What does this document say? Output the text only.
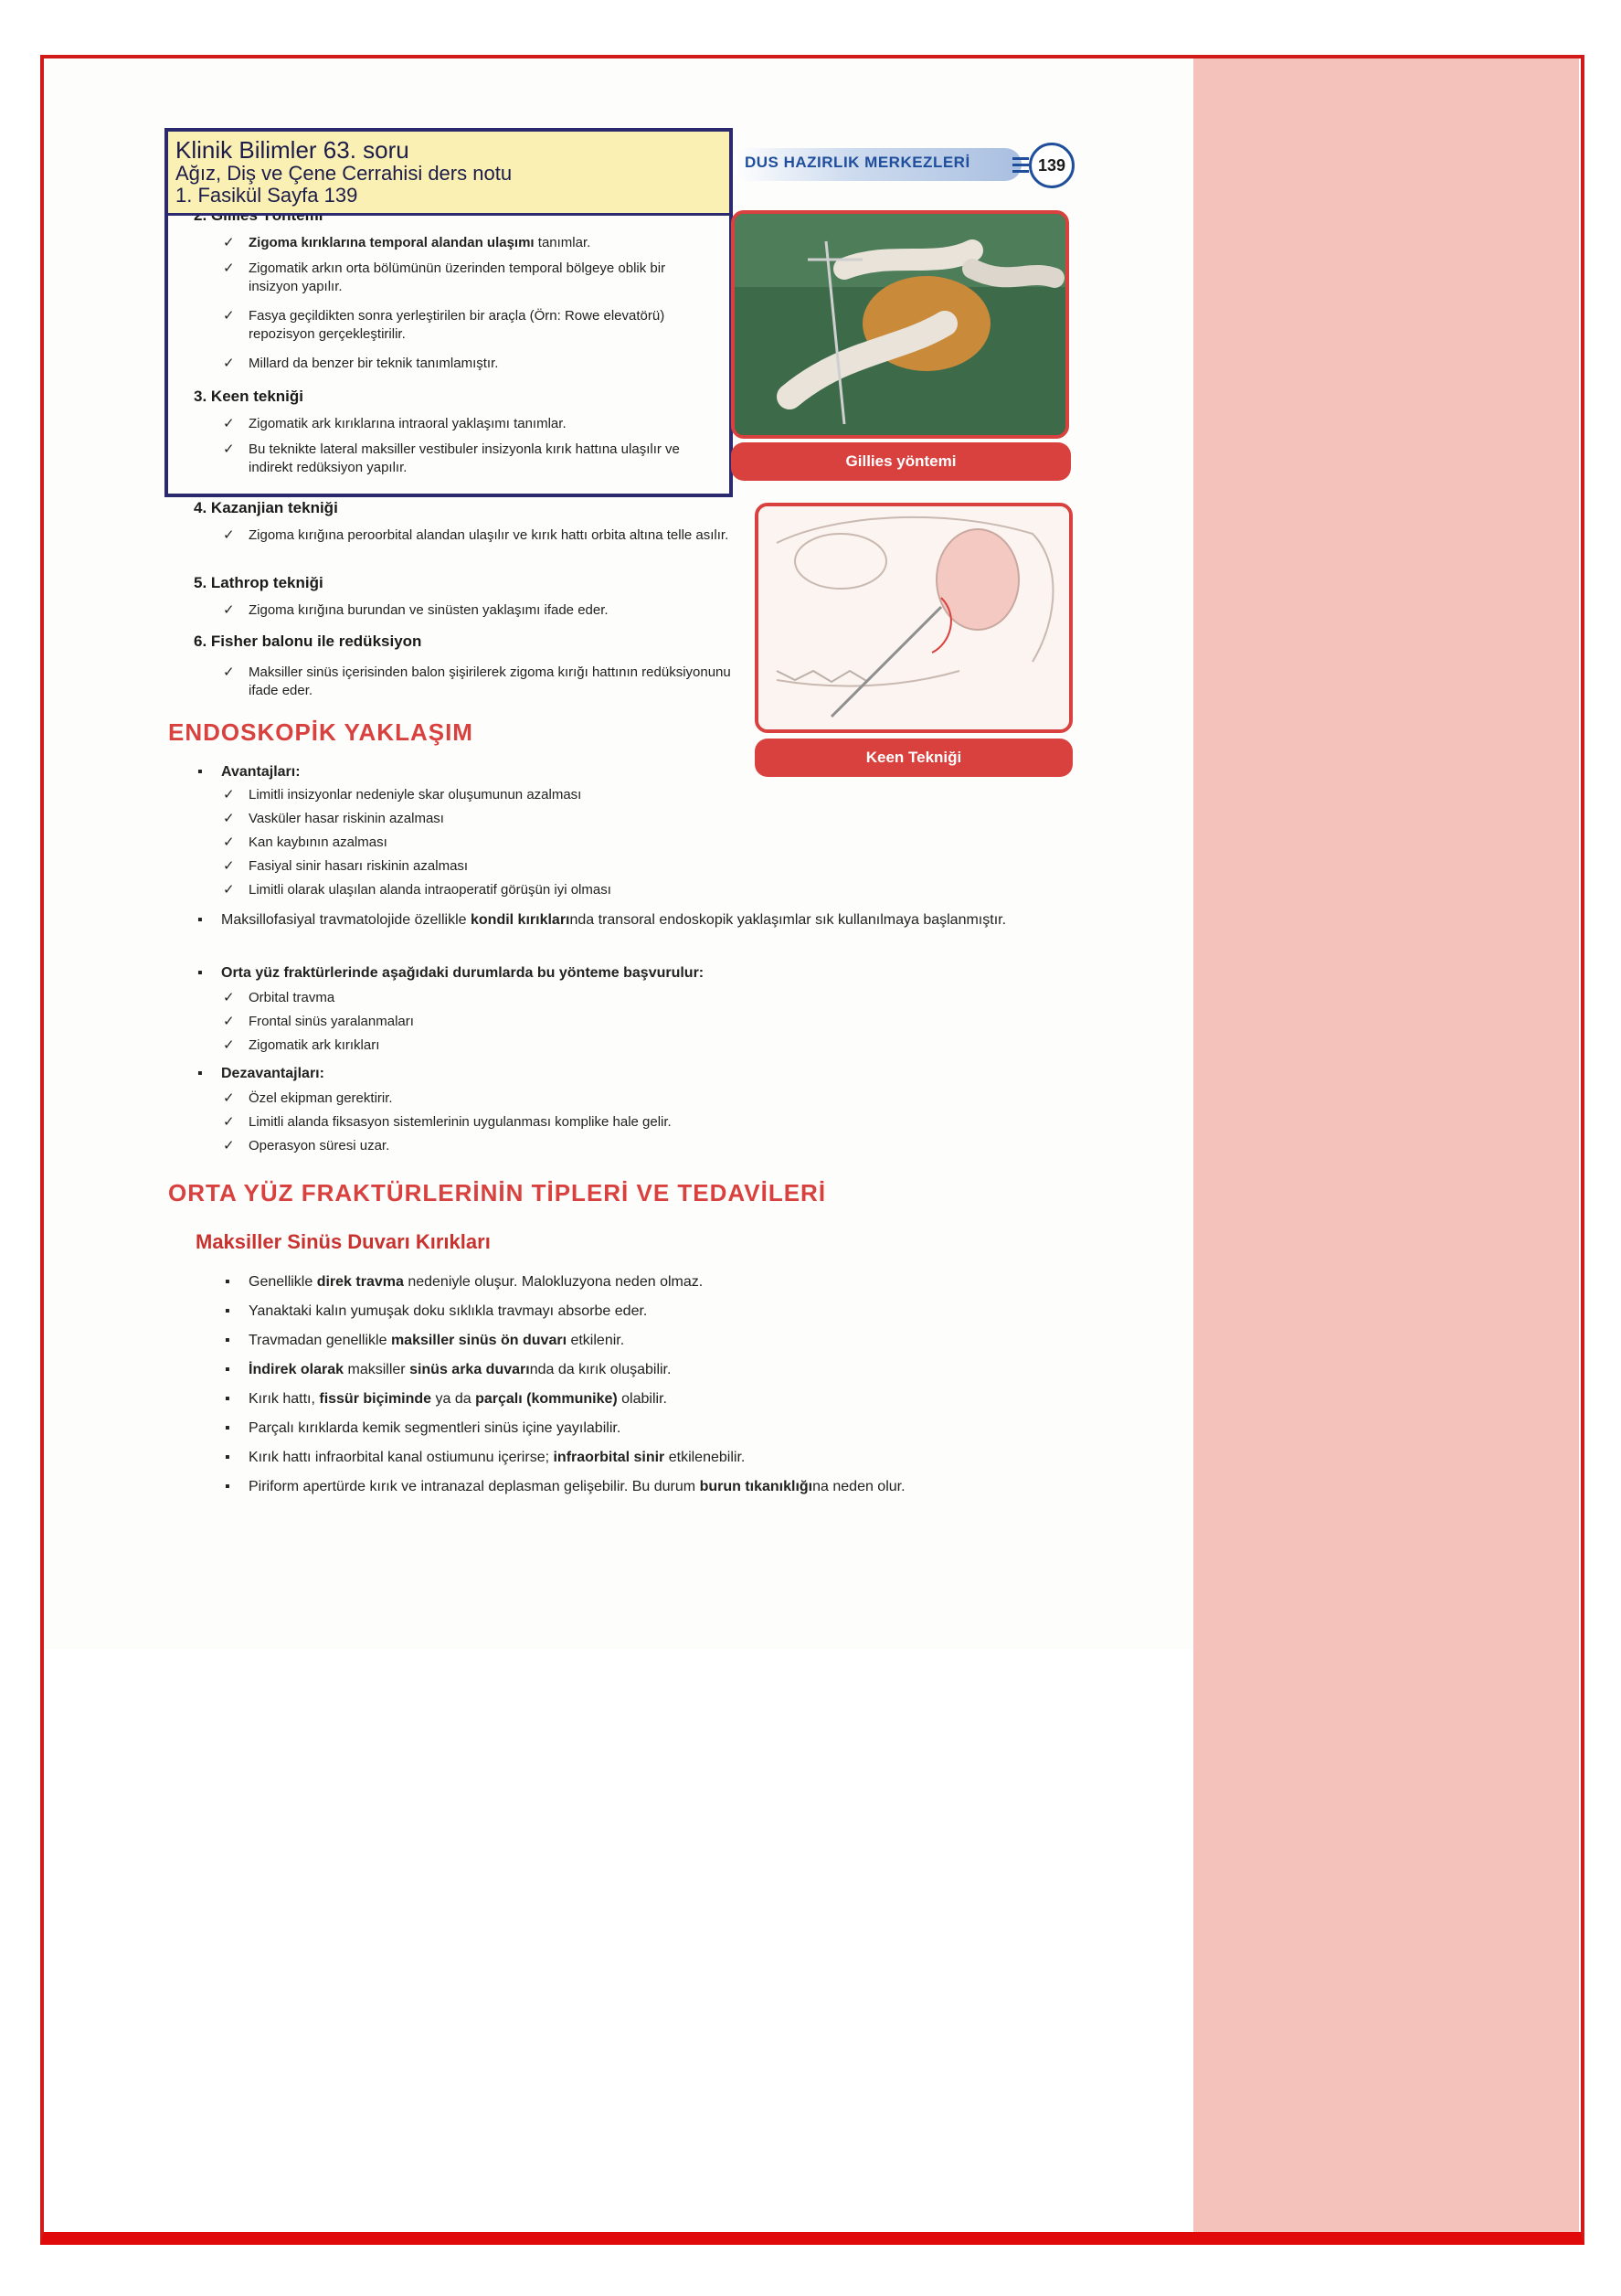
DUS HAZIRLIK MERKEZLERİ	139
✓ Zigoma kırıklarına temporal alandan ulaşımı tanımlar.
✓ Zigomatik arkın orta bölümünün üzerinden temporal bölgeye oblik bir insizyon yapılır.
✓ Fasya geçildikten sonra yerleştirilen bir araçla (Örn: Rowe elevatörü) repozisyon gerçekleştirilir.
✓ Millard da benzer bir teknik tanımlamıştır.
3. Keen tekniği
✓ Zigomatik ark kırıklarına intraoral yaklaşımı tanımlar.
✓ Bu teknikte lateral maksiller vestibuler insizyonla kırık hattına ulaşılır ve indirekt redüksiyon yapılır.
Klinik Bilimler 63. soru
Ağız, Diş ve Çene Cerrahisi ders notu
1. Fasikül Sayfa 139
4. Kazanjian tekniği
✓ Zigoma kırığına peroorbital alandan ulaşılır ve kırık hattı orbita altına telle asılır.
5. Lathrop tekniği
✓ Zigoma kırığına burundan ve sinüsten yaklaşımı ifade eder.
6. Fisher balonu ile redüksiyon
✓ Maksiller sinüs içerisinden balon şişirilerek zigoma kırığı hattının redüksiyonunu ifade eder.
Gillies yöntemi
Keen Tekniği
ENDOSKOPİK YAKLAŞIM
▪ Avantajları:
✓ Limitli insizyonlar nedeniyle skar oluşumunun azalması
✓ Vasküler hasar riskinin azalması
✓ Kan kaybının azalması
✓ Fasiyal sinir hasarı riskinin azalması
✓ Limitli olarak ulaşılan alanda intraoperatif görüşün iyi olması
▪ Maksillofasiyal travmatolojide özellikle kondil kırıklarında transoral endoskopik yaklaşımlar sık kullanılmaya başlanmıştır.
▪ Orta yüz fraktürlerinde aşağıdaki durumlarda bu yönteme başvurulur:
✓ Orbital travma
✓ Frontal sinüs yaralanmaları
✓ Zigomatik ark kırıkları
▪ Dezavantajları:
✓ Özel ekipman gerektirir.
✓ Limitli alanda fiksasyon sistemlerinin uygulanması komplike hale gelir.
✓ Operasyon süresi uzar.
ORTA YÜZ FRAKTÜRLERİNİN TİPLERİ VE TEDAVİLERİ
Maksiller Sinüs Duvarı Kırıkları
▪ Genellikle direk travma nedeniyle oluşur. Malokluzyona neden olmaz.
▪ Yanaktaki kalın yumuşak doku sıklıkla travmayı absorbe eder.
▪ Travmadan genellikle maksiller sinüs ön duvarı etkilenir.
▪ İndirek olarak maksiller sinüs arka duvarında da kırık oluşabilir.
▪ Kırık hattı, fissür biçiminde ya da parçalı (kommunike) olabilir.
▪ Parçalı kırıklarda kemik segmentleri sinüs içine yayılabilir.
▪ Kırık hattı infraorbital kanal ostiumunu içerirse; infraorbital sinir etkilenebilir.
▪ Piriform apertürde kırık ve intranazal deplasman gelişebilir. Bu durum burun tıkanıklığına neden olur.
